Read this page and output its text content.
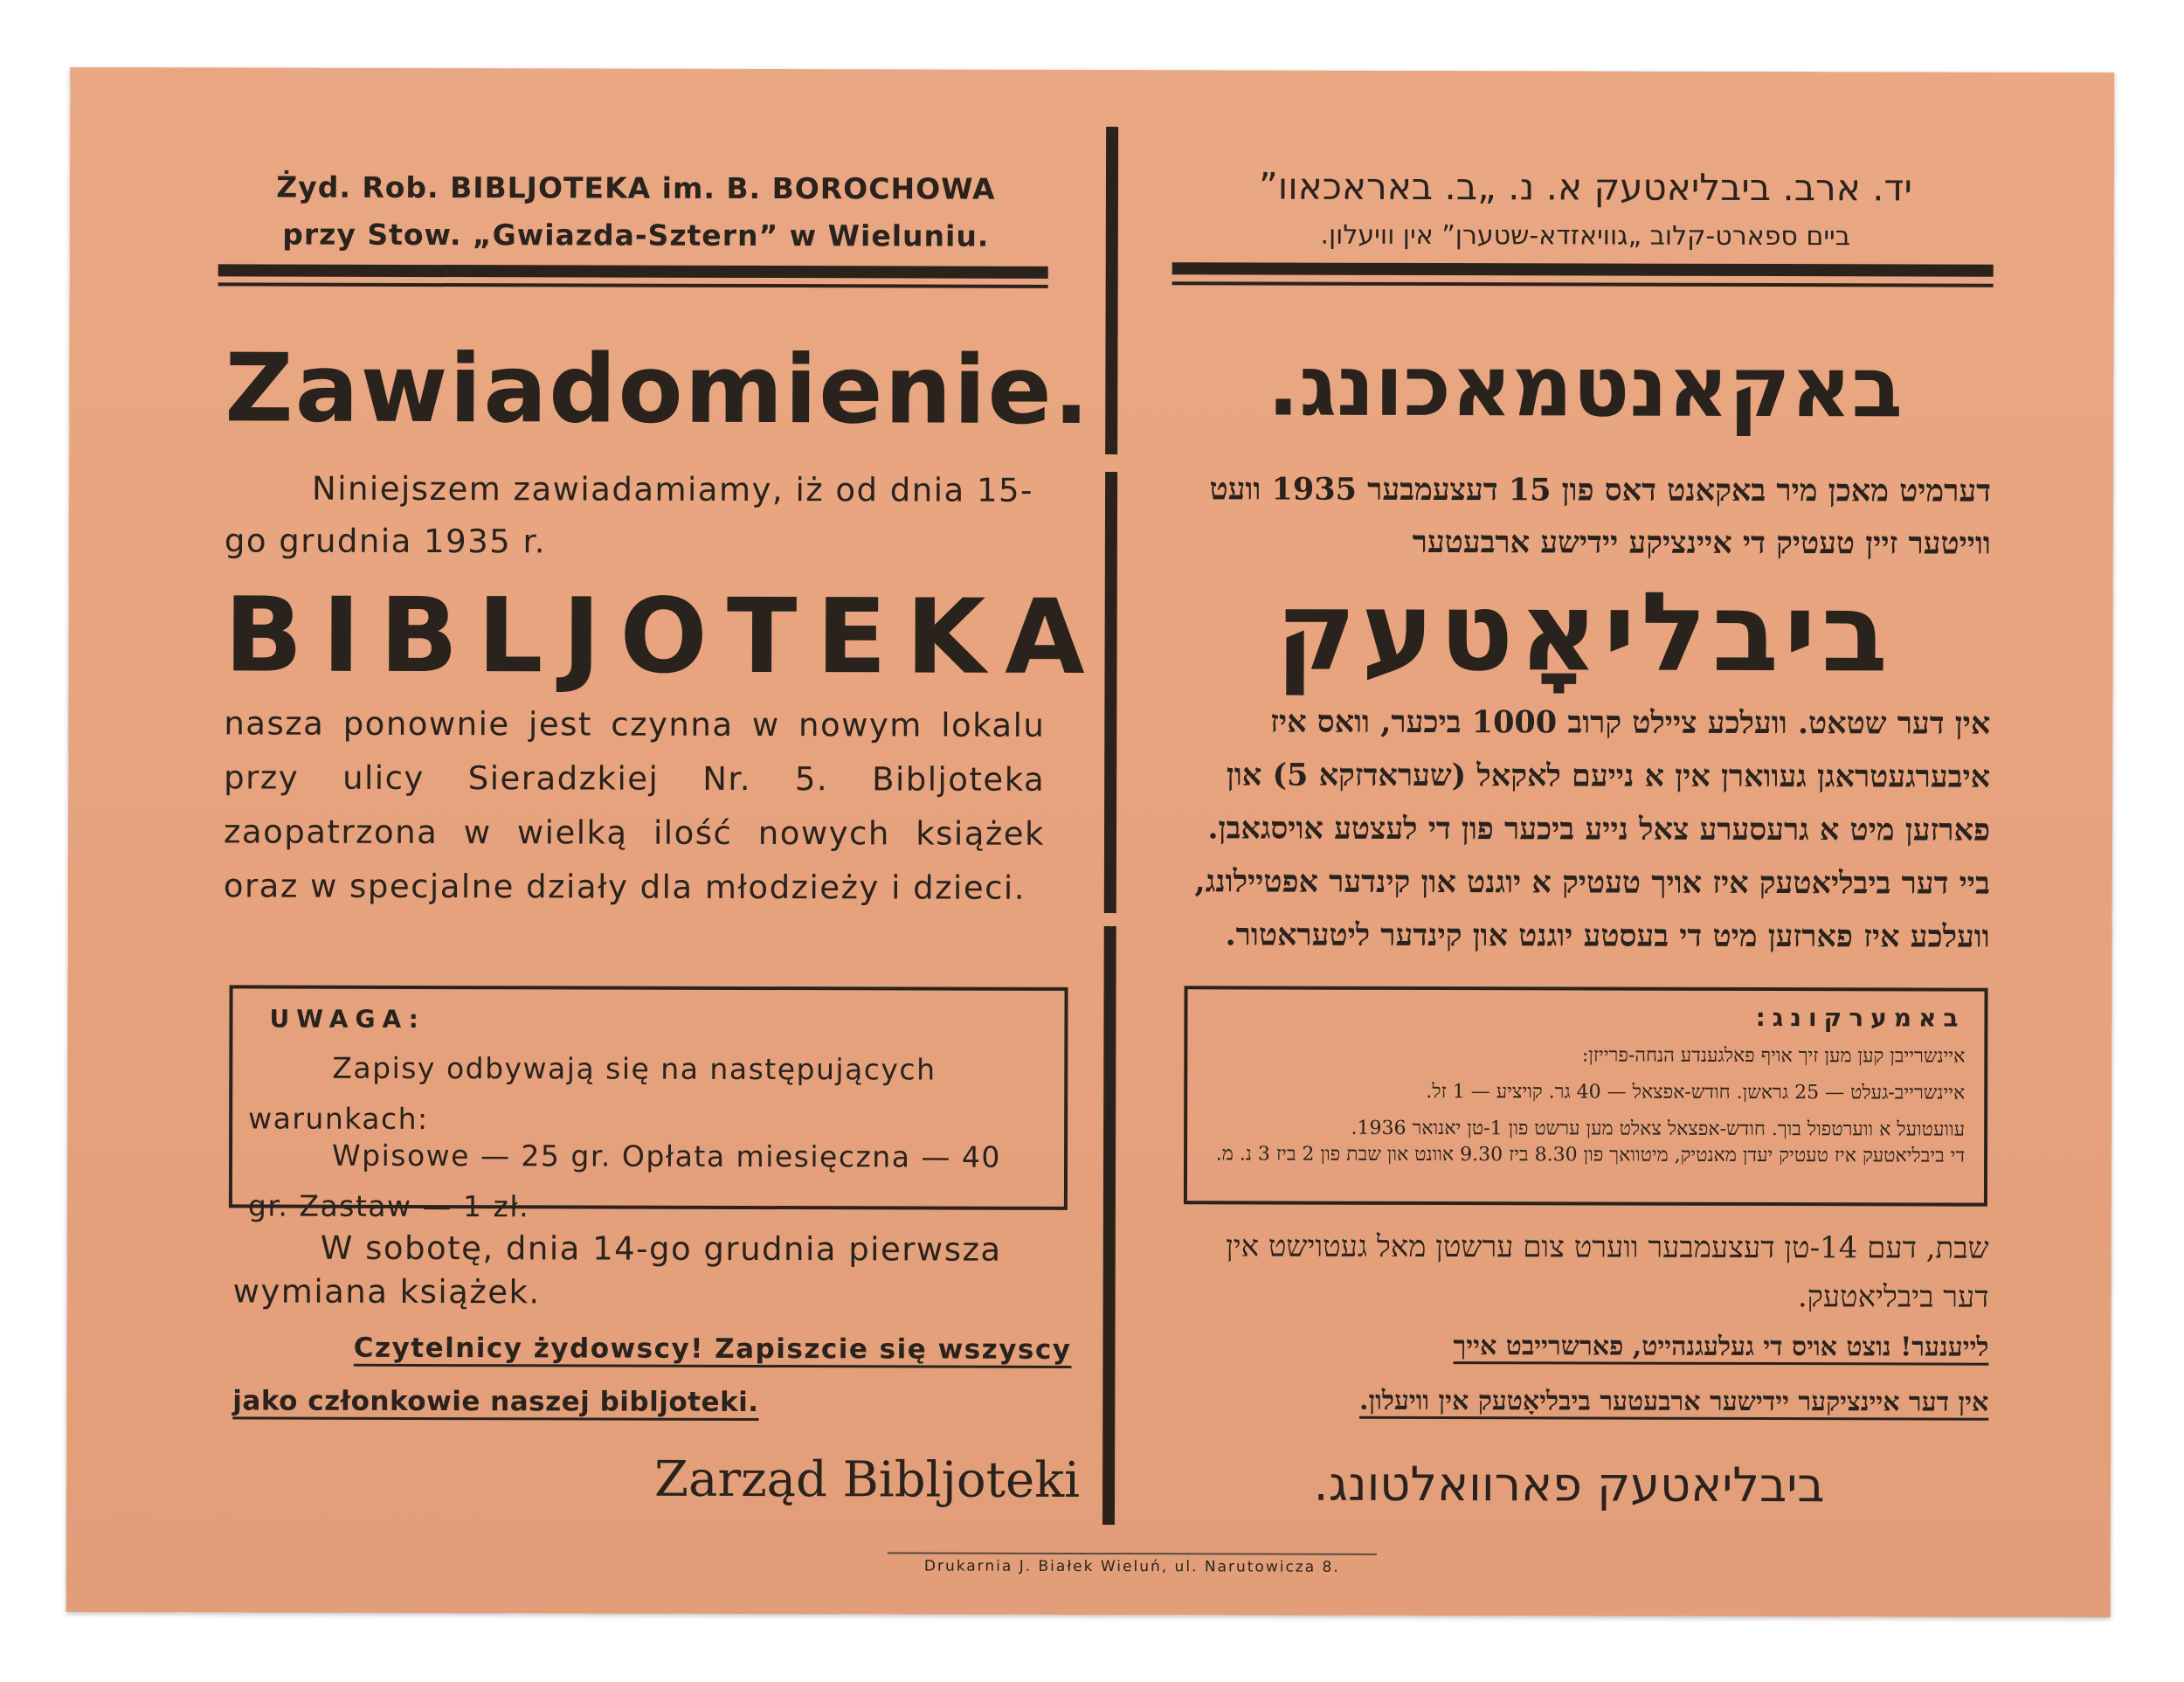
Żyd. Rob. BIBLJOTEKA im. B. BOROCHOWA
przy Stow. „Gwiazda-Sztern” w Wieluniu.
Zawiadomienie.
Niniejszem zawiadamiamy, iż od dnia 15-go grudnia 1935 r.
BIBLJOTEKA
nasza ponownie jest czynna w nowym lokalu przy ulicy Sieradzkiej Nr. 5. Bibljoteka zaopatrzona w wielką ilość nowych książek oraz w specjalne działy dla młodzieży i dzieci.
UWAGA:
Zapisy odbywają się na następujących warunkach:
Wpisowe — 25 gr. Opłata miesięczna — 40 gr. Zastaw — 1 zł.
W sobotę, dnia 14-go grudnia pierwsza wymiana książek.
Czytelnicy żydowscy! Zapiszcie się wszyscy
jako członkowie naszej bibljoteki.
Zarząd Bibljoteki
יד. ארב. ביבליאטעק א. נ. „ב. באראכאוו”
ביים ספארט-קלוב „גוויאזדא-שטערן” אין וויעלון.
באקאנטמאכונג.
דערמיט מאכן מיר באקאנט דאס פון 15 דעצעמבער 1935 וועט ווייטער זיין טעטיק די איינציקע יידישע ארבעטער
ביבליאָטעק
אין דער שטאט. וועלכע ציילט קרוב 1000 ביכער, וואס איז איבערגעטראגן געווארן אין א נייעם לאקאל (שעראדזקא 5) און פארזען מיט א גרעסערע צאל נייע ביכער פון די לעצטע אויסגאבן. ביי דער ביבליאטעק איז אויך טעטיק א יוגנט און קינדער אפטיילונג, וועלכע איז פארזען מיט די בעסטע יוגנט און קינדער ליטעראטור.
באמערקונג:
איינשרייבן קען מען זיך אויף פאלגענדע הנחה-פרייזן:
איינשרייב-געלט — 25 גראשן. חודש-אפצאל — 40 גר. קויציע — 1 זל.
עוועטועל א ווערטפול בוך. חודש-אפצאל צאלט מען ערשט פון 1-טן יאנואר 1936.
די ביבליאטעק איז טעטיק יעדן מאנטיק, מיטוואך פון 8.30 ביז 9.30 אוונט און שבת פון 2 ביז 3 נ. מ.
שבת, דעם 14-טן דעצעמבער ווערט צום ערשטן מאל געטוישט אין דער ביבליאטעק.
לייענער! נוצט אויס די געלעגנהייט, פארשרייבט אייך
אין דער איינציקער יידישער ארבעטער ביבליאָטעק אין וויעלון.
ביבליאטעק פארוואלטונג.
Drukarnia J. Białek Wieluń, ul. Narutowicza 8.
